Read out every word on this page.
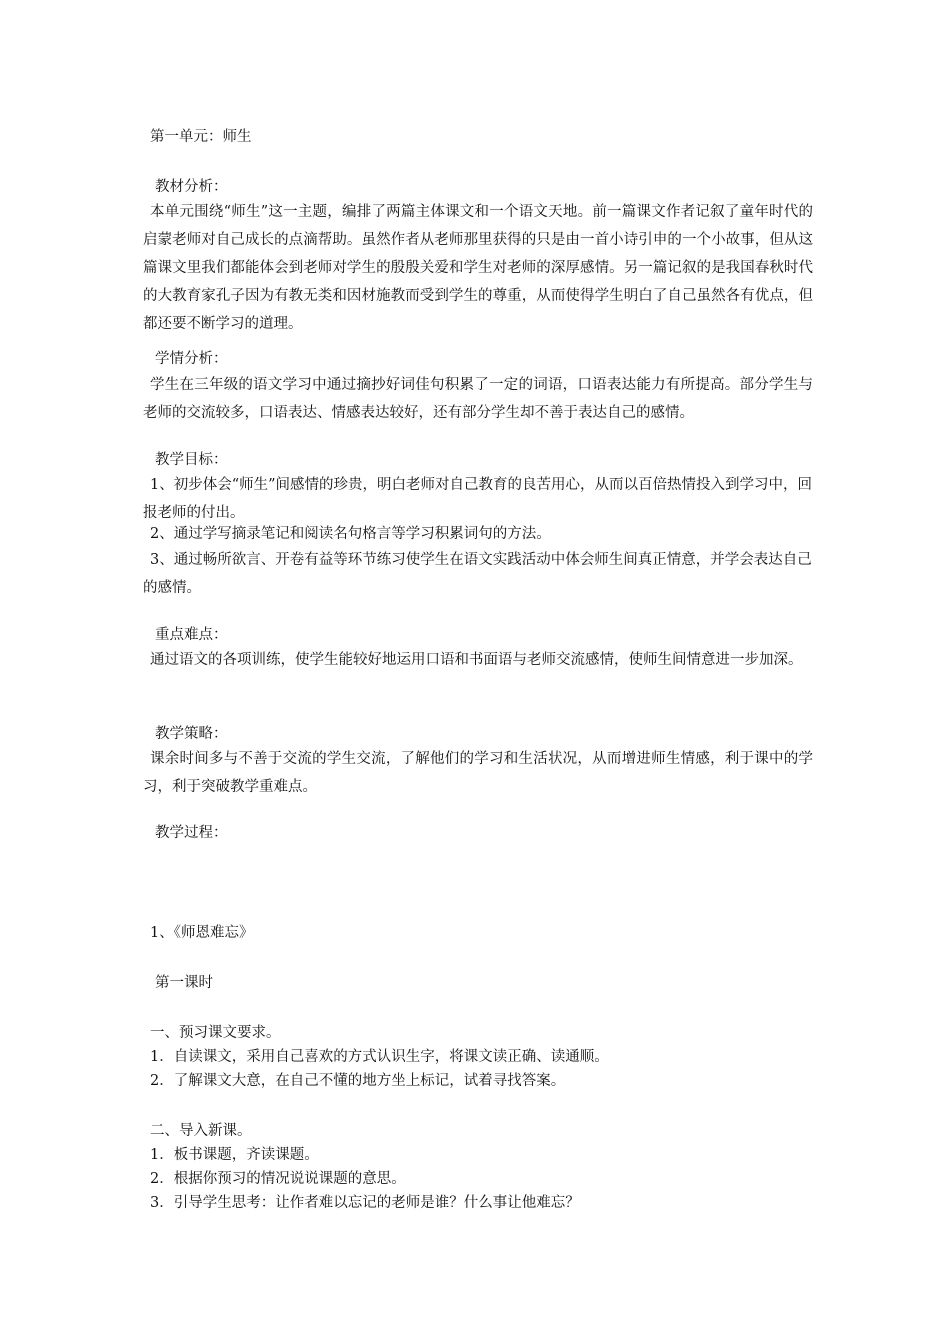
第一单元：师生
教材分析：

本单元围绕“师生”这一主题，编排了两篇主体课文和一个语文天地。前一篇课文作者记叙了童年时代的启蒙老师对自己成长的点滴帮助。虽然作者从老师那里获得的只是由一首小诗引申的一个小故事，但从这篇课文里我们都能体会到老师对学生的殷殷关爱和学生对老师的深厚感情。另一篇记叙的是我国春秋时代的大教育家孔子因为有教无类和因材施教而受到学生的尊重，从而使得学生明白了自己虽然各有优点，但都还要不断学习的道理。

学情分析：

学生在三年级的语文学习中通过摘抄好词佳句积累了一定的词语，口语表达能力有所提高。部分学生与老师的交流较多，口语表达、情感表达较好，还有部分学生却不善于表达自己的感情。

教学目标：

1、初步体会“师生”间感情的珍贵，明白老师对自己教育的良苦用心，从而以百倍热情投入到学习中，回报老师的付出。

2、通过学写摘录笔记和阅读名句格言等学习积累词句的方法。

3、通过畅所欲言、开卷有益等环节练习使学生在语文实践活动中体会师生间真正情意，并学会表达自己的感情。

重点难点：

通过语文的各项训练，使学生能较好地运用口语和书面语与老师交流感情，使师生间情意进一步加深。

教学策略：

课余时间多与不善于交流的学生交流，了解他们的学习和生活状况，从而增进师生情感，利于课中的学习，利于突破教学重难点。

教学过程：
1、《师恩难忘》
第一课时
一、预习课文要求。
1．自读课文，采用自己喜欢的方式认识生字，将课文读正确、读通顺。
2．了解课文大意，在自己不懂的地方坐上标记，试着寻找答案。
二、导入新课。
1．板书课题，齐读课题。
2．根据你预习的情况说说课题的意思。
3．引导学生思考：让作者难以忘记的老师是谁？什么事让他难忘？
